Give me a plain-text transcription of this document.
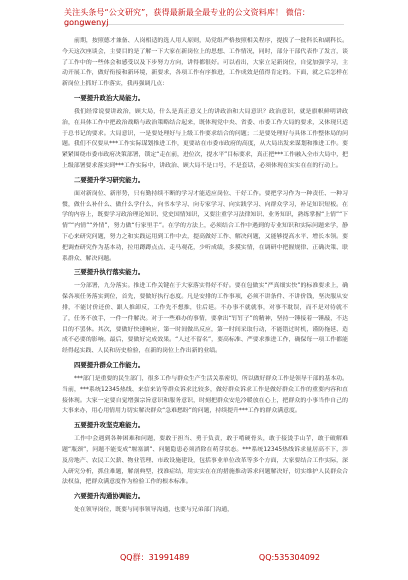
关注头条号“公文研究”，获得最新最全最专业的公文资料库！ 微信：gongwenyj

前期，按照德才兼备、人岗相适的选人用人原则，局党组严格按照相关程序，提拔了一批科长和副科长。今天这次座谈会，主要目的是了解一下大家在新岗位上的思想、工作情况，同时，部分干部代表作了发言，谈了工作中的一些体会和感受以及下步努力方向，讲得都很好。可以看出，大家立足新岗位，自觉加强学习，主动开展工作，做好衔接和新环境，新要求，各项工作有序推进，工作成效是值得肯定的。下面，就之后怎样在新岗位上抓好工作落实，我再强调几点：

一要提升政治大局能力。

我们经常说要讲政治，顾大局，什么是真正意义上的讲政治和大局意识？政治意识，就是旗帜鲜明讲政治，在具体工作中把政治战略与政治策略结合起来，既体现党中央、省委、市委工作大局的要求，又体现只适于总书记的要求。大局意识，一是要处理好与上级工作要求结合的问题；二是要处理好与具体工作整体局的问题。我们不仅要从***工作实际谋划推进工作，更要站在市委市政府的高度，从大局出发来谋划和推进工作。要紧紧围绕市委市政府决策部署，锁定“走在前，进位次，提水平”目标要求，真正把***工作融入全市大局中，把上级部署要求落实到***工作实际中，讲政治、顾大局不是口号，不是套话，必须体现在实实在在的行动上。

二要提升学习研究能力。

面对新岗位、新形势，只有勤持续不断的学习才能适应岗位、干好工作。要把学习作为一种责任、一种习惯，做什么补什么、做什么学什么，向书本学习、向专家学习、向实践学习、向群众学习，补足知识短板。在学的内容上，既要学习政治理论知识、党史国情知识，又要注重学习法律知识、业务知识，熟练掌握“上情”“下情”“内情”“外情”，努力做“行家里手”。在学的方法上，必须结合工作中遇到的专业知识和实际问题来学，静下心来研究问题，努力之和实践运用到工作中去，提高做好工作、解决问题，又能够提高水平、增长本领。要把调查研究作为基本功，拉用蹲蹲点点、走马观花，少听成绩，多摸实情，在调研中把握规律、正确决策、联系群众、解决问题。

三要提升执行落实能力。

一分部署，九分落实。推进工作关键在于大家落实得好不好。要在包做实“严真细实快”的标准要求上，确保各项任务落实到位，首先，要做好执行态度。凡是安排的工作事项，必须不讲条件、不讲价钱，坚决服从安排，不能讨价还价、跟人推卸反，工作先不想推，往后延。不办事不就就事，对事不耽误，而不是对待就不了，任务不放手，一件一件解决。对于一些难办的事情，要拿出“钉钉子”的精神，坚持一锤接着一锤敲，不达目的不罢休。其次，要做好快速响应，第一时间做出反应，第一时间采取行动，不能错过时机，谨防拖延、造成不必要的影响。最后，要做好完成效果。“人过不留名”，要高标准、严要求推进工作，确保每一项工作都能经得起实践、人民和历史检验，在新的岗位上作出新的业绩。

四要提升群众工作能力。

***部门是重要的民生部门，很多工作与群众生产生活关系密切，所以做好群众工作是领导干部的基本功。当前，***系统12345热线、来信来访等群众诉求比较多，做好群众诉求工作是做好群众工作的重要内容和直接体现。大家一定要自觉增强宗旨意识和服务意识，时刻把群众安危冷暖放在心上，把群众的小事当作自己的大事来办，用心用情用力切实解决群众“急难愁盼”的问题，持续提升***工作的群众满意度。

五要提升攻坚克难能力。

工作中会遇到各种困难和问题，要敢于担当、勇于负责，敢于啃硬骨头，敢于接烫手山芋，敢于破解难题“瓶颈”，问题不能变成“堰塞湖”、问题隐患必须消除在萌芽状态。***系统12345热线诉求量居高不下，涉及房地产、农民工欠薪、物业管理、市政设施建设，包括事业单位改革等多个方面，大家要结合工作实际，深入研究分析，抓住难题，解剖典型，找准症结，用实实在在的措施推动诉求问题解决好，切实维护人民群众合法权益，把群众满意度作为检验工作的根本标准。

六要提升沟通协调能力。

处在领导岗位，既要与同事领导沟通，也要与兄弟部门沟通，

QQ群：31991489	QQ:535304092
